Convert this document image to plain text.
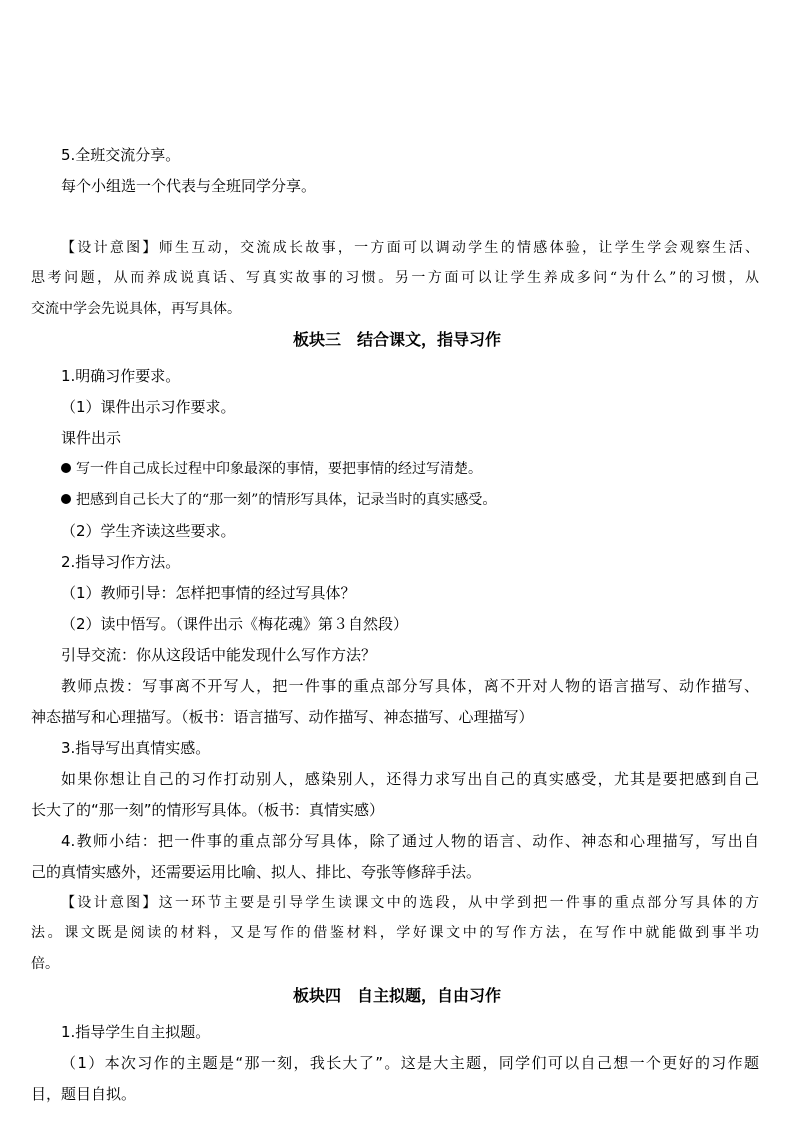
5.全班交流分享。
每个小组选一个代表与全班同学分享。
【设计意图】师生互动，交流成长故事，一方面可以调动学生的情感体验，让学生学会观察生活、
思考问题，从而养成说真话、写真实故事的习惯。另一方面可以让学生养成多问“为什么”的习惯，从
交流中学会先说具体，再写具体。
板块三　结合课文，指导习作
1.明确习作要求。
（1）课件出示习作要求。
课件出示
写一件自己成长过程中印象最深的事情，要把事情的经过写清楚。
把感到自己长大了的“那一刻”的情形写具体，记录当时的真实感受。
（2）学生齐读这些要求。
2.指导习作方法。
（1）教师引导：怎样把事情的经过写具体？
（2）读中悟写。（课件出示《梅花魂》第３自然段）
引导交流：你从这段话中能发现什么写作方法？
教师点拨：写事离不开写人，把一件事的重点部分写具体，离不开对人物的语言描写、动作描写、
神态描写和心理描写。（板书：语言描写、动作描写、神态描写、心理描写）
3.指导写出真情实感。
如果你想让自己的习作打动别人，感染别人，还得力求写出自己的真实感受，尤其是要把感到自己
长大了的“那一刻”的情形写具体。（板书：真情实感）
4.教师小结：把一件事的重点部分写具体，除了通过人物的语言、动作、神态和心理描写，写出自
己的真情实感外，还需要运用比喻、拟人、排比、夸张等修辞手法。
【设计意图】这一环节主要是引导学生读课文中的选段，从中学到把一件事的重点部分写具体的方
法。课文既是阅读的材料，又是写作的借鉴材料，学好课文中的写作方法，在写作中就能做到事半功
倍。
板块四　自主拟题，自由习作
1.指导学生自主拟题。
（1）本次习作的主题是“那一刻，我长大了”。这是大主题，同学们可以自己想一个更好的习作题
目，题目自拟。
